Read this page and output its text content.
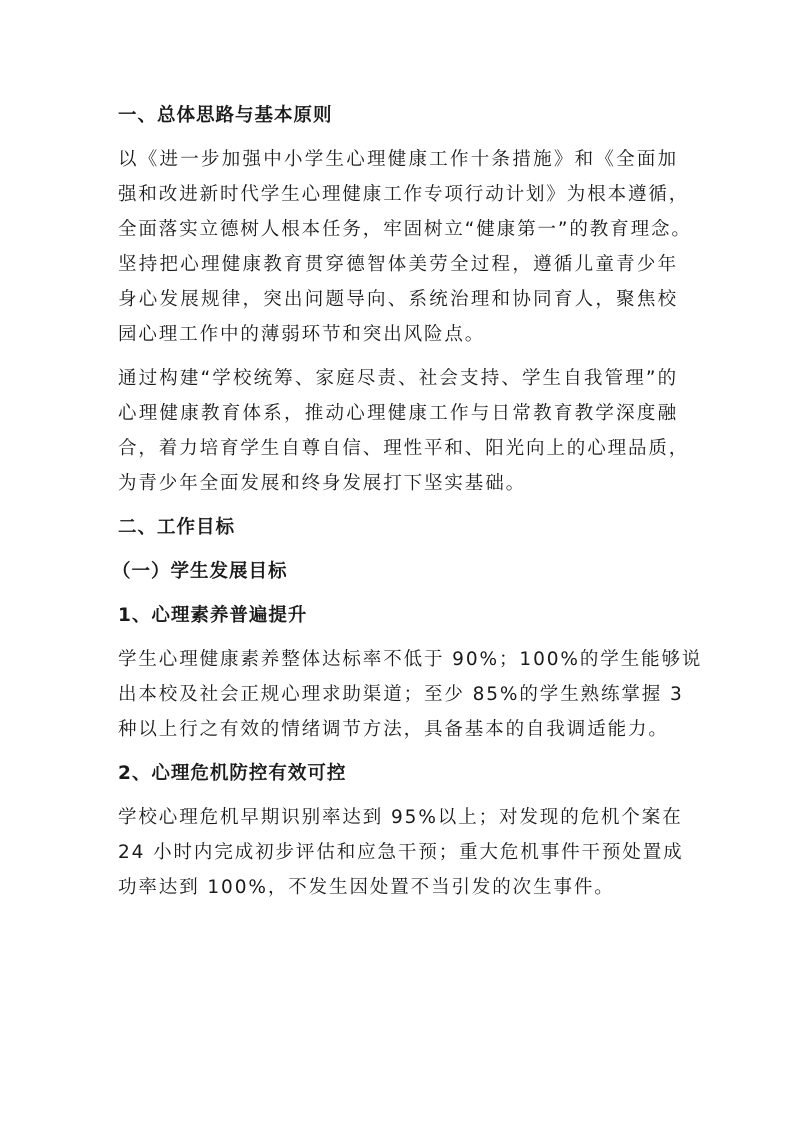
一、总体思路与基本原则
以《进一步加强中小学生心理健康工作十条措施》和《全面加
强和改进新时代学生心理健康工作专项行动计划》为根本遵循，
全面落实立德树人根本任务，牢固树立“健康第一”的教育理念。
坚持把心理健康教育贯穿德智体美劳全过程，遵循儿童青少年
身心发展规律，突出问题导向、系统治理和协同育人，聚焦校
园心理工作中的薄弱环节和突出风险点。
通过构建“学校统筹、家庭尽责、社会支持、学生自我管理”的
心理健康教育体系，推动心理健康工作与日常教育教学深度融
合，着力培育学生自尊自信、理性平和、阳光向上的心理品质，
为青少年全面发展和终身发展打下坚实基础。
二、工作目标
（一）学生发展目标
1、心理素养普遍提升
学生心理健康素养整体达标率不低于 90%；100%的学生能够说
出本校及社会正规心理求助渠道；至少 85%的学生熟练掌握 3
种以上行之有效的情绪调节方法，具备基本的自我调适能力。
2、心理危机防控有效可控
学校心理危机早期识别率达到 95%以上；对发现的危机个案在
24 小时内完成初步评估和应急干预；重大危机事件干预处置成
功率达到 100%，不发生因处置不当引发的次生事件。
